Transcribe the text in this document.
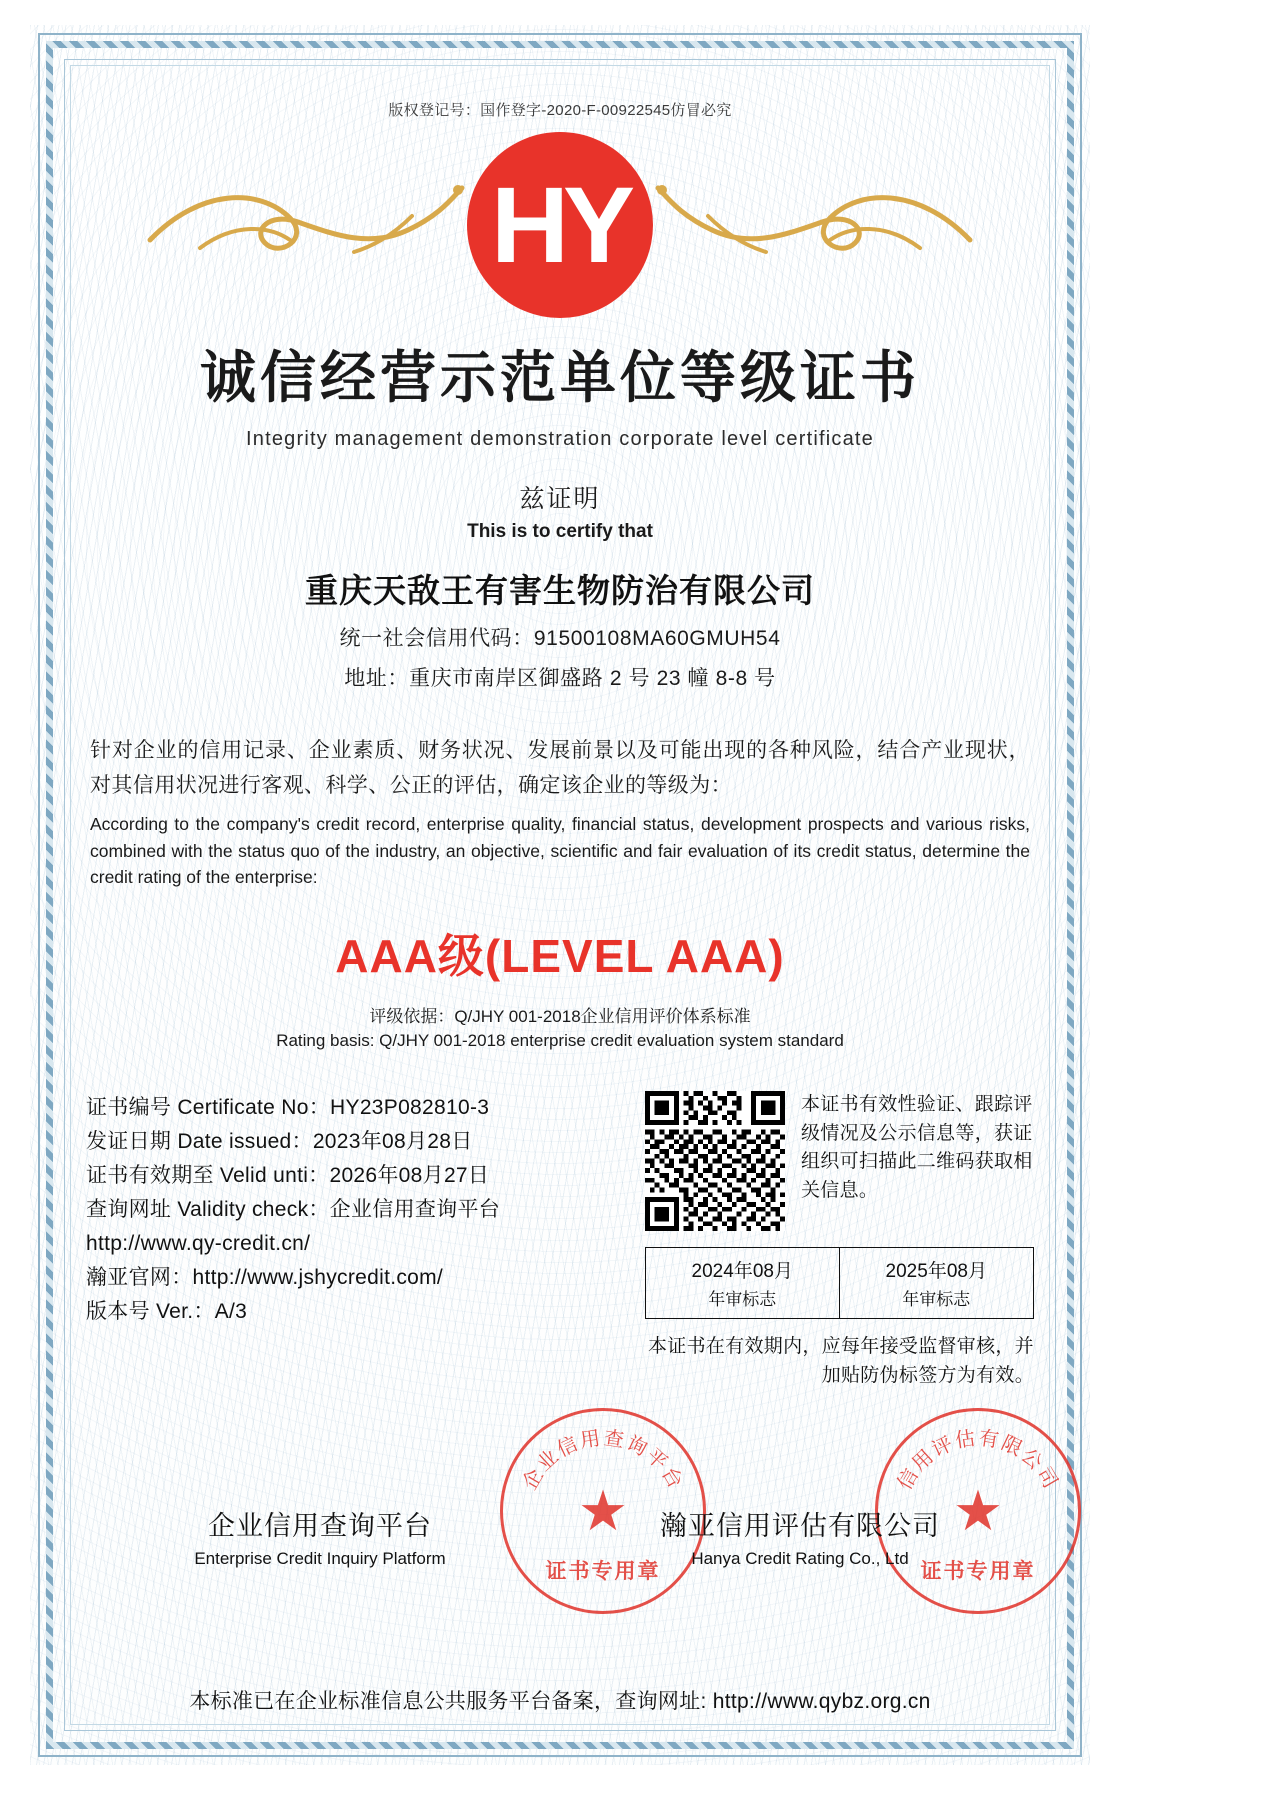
版权登记号：国作登字-2020-F-00922545仿冒必究
HY
诚信经营示范单位等级证书
Integrity management demonstration corporate level certificate
兹证明
This is to certify that
重庆天敌王有害生物防治有限公司
统一社会信用代码：91500108MA60GMUH54
地址：重庆市南岸区御盛路 2 号 23 幢 8-8 号
针对企业的信用记录、企业素质、财务状况、发展前景以及可能出现的各种风险，结合产业现状，对其信用状况进行客观、科学、公正的评估，确定该企业的等级为：
According to the company's credit record, enterprise quality, financial status, development prospects and various risks, combined with the status quo of the industry, an objective, scientific and fair evaluation of its credit status, determine the credit rating of the enterprise:
AAA级(LEVEL AAA)
评级依据：Q/JHY 001-2018企业信用评价体系标准
Rating basis: Q/JHY 001-2018 enterprise credit evaluation system standard
证书编号 Certificate No：HY23P082810-3
发证日期 Date issued：2023年08月28日
证书有效期至 Velid unti：2026年08月27日
查询网址 Validity check：企业信用查询平台
http://www.qy-credit.cn/
瀚亚官网：http://www.jshycredit.com/
版本号 Ver.：A/3
本证书有效性验证、跟踪评级情况及公示信息等，获证组织可扫描此二维码获取相关信息。
2024年08月
年审标志
2025年08月
年审标志
本证书在有效期内，应每年接受监督审核，并加贴防伪标签方为有效。
企业信用查询平台
★
证书专用章
信用评估有限公司
★
证书专用章
企业信用查询平台
Enterprise Credit Inquiry Platform
瀚亚信用评估有限公司
Hanya Credit Rating Co., Ltd
本标准已在企业标准信息公共服务平台备案，查询网址: http://www.qybz.org.cn
